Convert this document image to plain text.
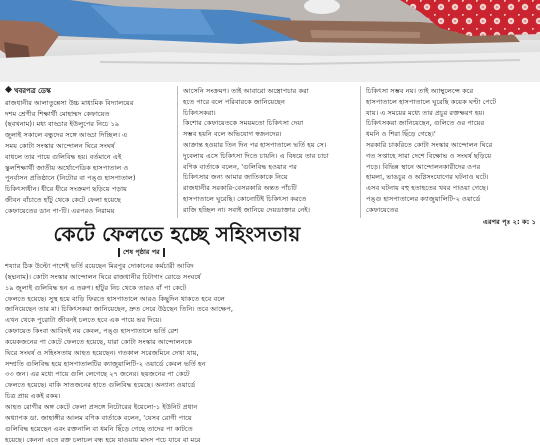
খবরপত্র ডেস্ক

রাজধানীর আলাতুন্নেসা উচ্চ মাধ্যমিক বিদ্যালয়ের

দশম শ্রেণীর শিক্ষার্থী মোহাম্মদ কেফায়েত

(ছবখনাম)। মধ্য বাড্ডার ইউলুপের নিচে ১৯

জুলাই সকালে বন্ধুদের সঙ্গে আড্ডা দিচ্ছিল। এ

সময় কোটা সংস্কার আন্দোলন ঘিরে সংঘর্ষ

বাধলে তার পায়ে গুলিবিদ্ধ হয়। বর্তমানে এই

স্কুলশিক্ষার্থী জাতীয় অর্থোপেডিক হাসপাতাল ও

পুনর্বাসন প্রতিষ্ঠানে (নিটোর বা পঙ্গু হাসপাতাল)

চিকিৎসাধীন। ধীরে ধীরে সংক্রমণ ছড়িয়ে পড়ায়

জীবন বাঁচাতে হাঁটু থেকে কেটে ফেলা হয়েছে

কেফায়েতের ডান পা-টি। এরপরও নিরাময়

আসেনি সংক্রমণ। তাই আবারো অস্ত্রোপচার করা

হতে পারে বলে পরিবারকে জানিয়েছেন

চিকিৎসকরা।

কিশোর কেফায়েতকে সময়মতো চিকিৎসা দেয়া

সম্ভব হয়নি বলে অভিযোগ স্বজনদের।

আক্রান্ত হওয়ার তিন দিন পর হাসপাতালে ভর্তি হয় সে।

দুবেলায় এসে চিকিৎসা দিতে চায়নি। এ বিষয়ে তার চাচা

বণিক বার্তাকে বলেন, 'গুলিবিদ্ধ হওয়ার পর

চিকিৎসার জন্য আমার জাতিকাকে নিয়ে

রাজধানীর সরকারি-বেসরকারি অন্তত পাঁচটি

হাসপাতালে ঘুরেছি। কোনোটিই চিকিৎসা করতে

রাজি হচ্ছিল না। সবাই জানিয়ে দেয়ডাক্তার নেই।

চিকিৎসা সম্ভব নয়। তাই অ্যাম্বুলেন্সে করে

হাসপাতালে হাসপাতালে ঘুরেছি কয়েক ঘণ্টা পেটে

যায়। এ সময়ের মধ্যে তার প্রচুর রক্তক্ষরণ হয়।

চিকিৎসকরা জানিয়েছেন, গুলিতে ওর পায়ের

ধমনি ও শিরা ছিঁড়ে গেছে।'

সরকারি চাকরিতে কোটা সংস্কার আন্দোলন ঘিরে

গত সপ্তাহে সারা দেশে বিক্ষোভ ও সংঘর্ষ ছড়িয়ে

পড়ে। বিভিন্ন স্থানে আন্দোলনকারীদের ওপর

হামলা, ভাঙচুর ও অগ্নিসংযোগের ঘটনাও ঘটে।

এসব ঘটনায় বহু হতাহতের খবর পাওয়া গেছে।

পঙ্গু হাসপাতালের ক্যাজুয়ালিটি-২ ওয়ার্ডে

কেফায়েতের

এরপর পৃঃ ২: ক: ১

কেটে ফেলতে হচ্ছে সহিংসতায়
শেষ পৃষ্ঠার পর

শয্যার ঠিক উল্টো পাশেই ভর্তি রয়েছেন মিরপুর দোকানের কর্মচারী আবিদ

(ছদ্মনাম)। কোটা সংস্কার আন্দোলন ঘিরে রাজধানীর চিটাগাং রোডে সংঘর্ষে

১৯ জুলাই গুলিবিদ্ধ হন এ তরুণ। হাঁটুর নিচ থেকে তারও বাঁ পা কেটে

ফেলতে হয়েছে। সুস্থ হয়ে বাড়ি ফিরতে হাসপাতালে আরও কিছুদিন থাকতে হবে বলে

জানিয়েছেন তার মা। চিকিৎসকরা জানিয়েছেন, দ্রুত সেরে উঠছেন তিনি। তবে আক্ষেপ,

এখন থেকে পুরোটা জীবনই চলতে হবে এক পায়ে ভর দিয়ে।

কেফায়েত কিংবা আবিদই নয় কেবল, পঙ্গু হাসপাতালে ভর্তি রেশ

কয়েকজনের পা কেটে ফেলতে হয়েছে, যারা কোটা সংস্কার আন্দোলনকে

ঘিরে সংঘর্ষ ও সহিংসতায় আহত হয়েছেন। গতকাল সরেজমিনে দেখা যায়,

সম্প্রতি গুলিবিদ্ধ হয়ে হাসপাতালটির ক্যাজুয়ালিটি-২ ওয়ার্ডে কেবল ভর্তি হন

৩৩ জন। এর মধ্যে পায়ে গুলি লেগেছে ২৭ জনের। ছয়জনের পা কেটে

ফেলতে হয়েছে। বাকি সাতজনের হাতে গুলিবিদ্ধ হয়েছে। অন্যান্য ওয়ার্ডে

চিত্র প্রায় একই রকম।

আহত রোগীর অঙ্গ কেটে ফেলা প্রসঙ্গে নিটোরের ইয়েলো-১ ইউনিট প্রধান

অধ্যাপক ডা. জাহাঙ্গীর আলম বণিক বার্তাকে বলেন, 'যেসব রোগী পায়ে

গুলিবিদ্ধ হয়েছেন এবং রক্তনালি বা ধমনি ছিঁড়ে গেছে তাদের পা কাটতে

হয়েছে। কেননা এতে রক্ত চলাচল বন্ধ হয়ে যাওয়ায় মাংস পচে যাবে বা মরে
